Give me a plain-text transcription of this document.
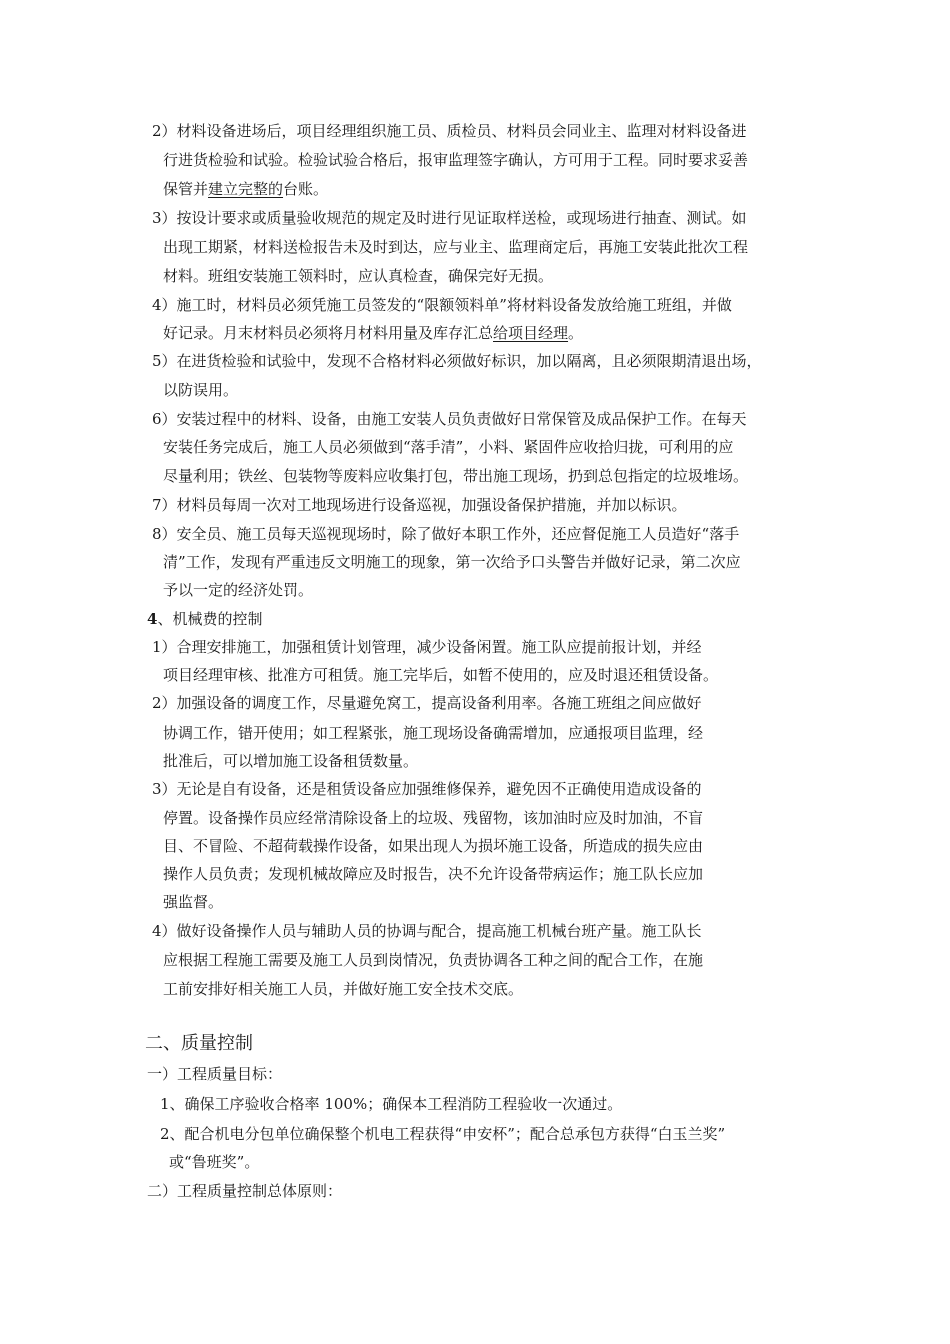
2）材料设备进场后，项目经理组织施工员、质检员、材料员会同业主、监理对材料设备进
行进货检验和试验。检验试验合格后，报审监理签字确认，方可用于工程。同时要求妥善
保管并建立完整的台账。
3）按设计要求或质量验收规范的规定及时进行见证取样送检，或现场进行抽查、测试。如
出现工期紧，材料送检报告未及时到达，应与业主、监理商定后，再施工安装此批次工程
材料。班组安装施工领料时，应认真检查，确保完好无损。
4）施工时，材料员必须凭施工员签发的“限额领料单”将材料设备发放给施工班组，并做
好记录。月末材料员必须将月材料用量及库存汇总给项目经理。
5）在进货检验和试验中，发现不合格材料必须做好标识，加以隔离，且必须限期清退出场，
以防误用。
6）安装过程中的材料、设备，由施工安装人员负责做好日常保管及成品保护工作。在每天
安装任务完成后，施工人员必须做到“落手清”，小料、紧固件应收拾归拢，可利用的应
尽量利用；铁丝、包装物等废料应收集打包，带出施工现场，扔到总包指定的垃圾堆场。
7）材料员每周一次对工地现场进行设备巡视，加强设备保护措施，并加以标识。
8）安全员、施工员每天巡视现场时，除了做好本职工作外，还应督促施工人员造好“落手
清”工作，发现有严重违反文明施工的现象，第一次给予口头警告并做好记录，第二次应
予以一定的经济处罚。
4、机械费的控制
1）合理安排施工，加强租赁计划管理，减少设备闲置。施工队应提前报计划，并经
项目经理审核、批准方可租赁。施工完毕后，如暂不使用的，应及时退还租赁设备。
2）加强设备的调度工作，尽量避免窝工，提高设备利用率。各施工班组之间应做好
协调工作，错开使用；如工程紧张，施工现场设备确需增加，应通报项目监理，经
批准后，可以增加施工设备租赁数量。
3）无论是自有设备，还是租赁设备应加强维修保养，避免因不正确使用造成设备的
停置。设备操作员应经常清除设备上的垃圾、残留物，该加油时应及时加油，不盲
目、不冒险、不超荷载操作设备，如果出现人为损坏施工设备，所造成的损失应由
操作人员负责；发现机械故障应及时报告，决不允许设备带病运作；施工队长应加
强监督。
4）做好设备操作人员与辅助人员的协调与配合，提高施工机械台班产量。施工队长
应根据工程施工需要及施工人员到岗情况，负责协调各工种之间的配合工作，在施
工前安排好相关施工人员，并做好施工安全技术交底。
二、质量控制
一）工程质量目标：
1、确保工序验收合格率 100%；确保本工程消防工程验收一次通过。
2、配合机电分包单位确保整个机电工程获得“申安杯”；配合总承包方获得“白玉兰奖”
或“鲁班奖”。
二）工程质量控制总体原则：
